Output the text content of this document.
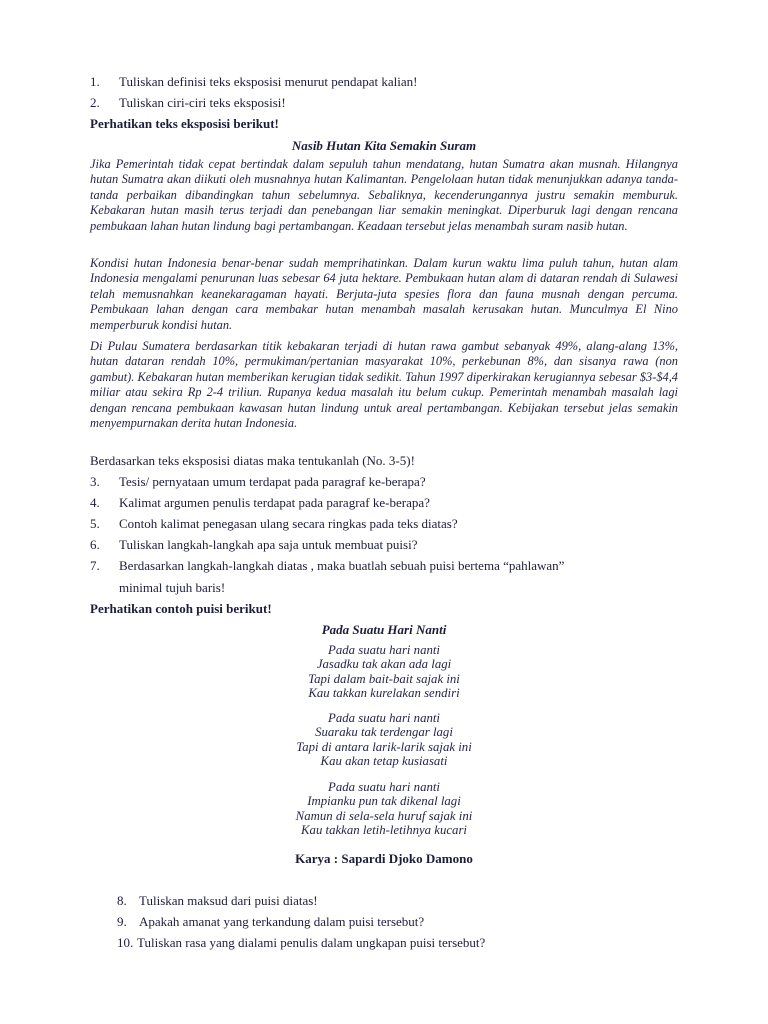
1. Tuliskan definisi teks eksposisi menurut pendapat kalian!
2. Tuliskan ciri-ciri teks eksposisi!
Perhatikan teks eksposisi berikut!
Nasib Hutan Kita Semakin Suram
Jika Pemerintah tidak cepat bertindak dalam sepuluh tahun mendatang, hutan Sumatra akan musnah. Hilangnya hutan Sumatra akan diikuti oleh musnahnya hutan Kalimantan. Pengelolaan hutan tidak menunjukkan adanya tanda-tanda perbaikan dibandingkan tahun sebelumnya. Sebaliknya, kecenderungannya justru semakin memburuk. Kebakaran hutan masih terus terjadi dan penebangan liar semakin meningkat. Diperburuk lagi dengan rencana pembukaan lahan hutan lindung bagi pertambangan. Keadaan tersebut jelas menambah suram nasib hutan.
Kondisi hutan Indonesia benar-benar sudah memprihatinkan. Dalam kurun waktu lima puluh tahun, hutan alam Indonesia mengalami penurunan luas sebesar 64 juta hektare. Pembukaan hutan alam di dataran rendah di Sulawesi telah memusnahkan keanekaragaman hayati. Berjuta-juta spesies flora dan fauna musnah dengan percuma. Pembukaan lahan dengan cara membakar hutan menambah masalah kerusakan hutan. Munculmya El Nino memperburuk kondisi hutan.
Di Pulau Sumatera berdasarkan titik kebakaran terjadi di hutan rawa gambut sebanyak 49%, alang-alang 13%, hutan dataran rendah 10%, permukiman/pertanian masyarakat 10%, perkebunan 8%, dan sisanya rawa (non gambut). Kebakaran hutan memberikan kerugian tidak sedikit. Tahun 1997 diperkirakan kerugiannya sebesar $3-$4,4 miliar atau sekira Rp 2-4 triliun. Rupanya kedua masalah itu belum cukup. Pemerintah menambah masalah lagi dengan rencana pembukaan kawasan hutan lindung untuk areal pertambangan. Kebijakan tersebut jelas semakin menyempurnakan derita hutan Indonesia.
Berdasarkan teks eksposisi diatas maka tentukanlah (No. 3-5)!
3. Tesis/ pernyataan umum terdapat pada paragraf ke-berapa?
4. Kalimat argumen penulis terdapat pada paragraf ke-berapa?
5. Contoh kalimat penegasan ulang secara ringkas pada teks diatas?
6. Tuliskan langkah-langkah apa saja untuk membuat puisi?
7. Berdasarkan langkah-langkah diatas , maka buatlah sebuah puisi bertema “pahlawan”
minimal tujuh baris!
Perhatikan contoh puisi berikut!
Pada Suatu Hari Nanti
Pada suatu hari nanti
Jasadku tak akan ada lagi
Tapi dalam bait-bait sajak ini
Kau takkan kurelakan sendiri
Pada suatu hari nanti
Suaraku tak terdengar lagi
Tapi di antara larik-larik sajak ini
Kau akan tetap kusiasati
Pada suatu hari nanti
Impianku pun tak dikenal lagi
Namun di sela-sela huruf sajak ini
Kau takkan letih-letihnya kucari
Karya : Sapardi Djoko Damono
8. Tuliskan maksud dari puisi diatas!
9. Apakah amanat yang terkandung dalam puisi tersebut?
10. Tuliskan rasa yang dialami penulis dalam ungkapan puisi tersebut?
